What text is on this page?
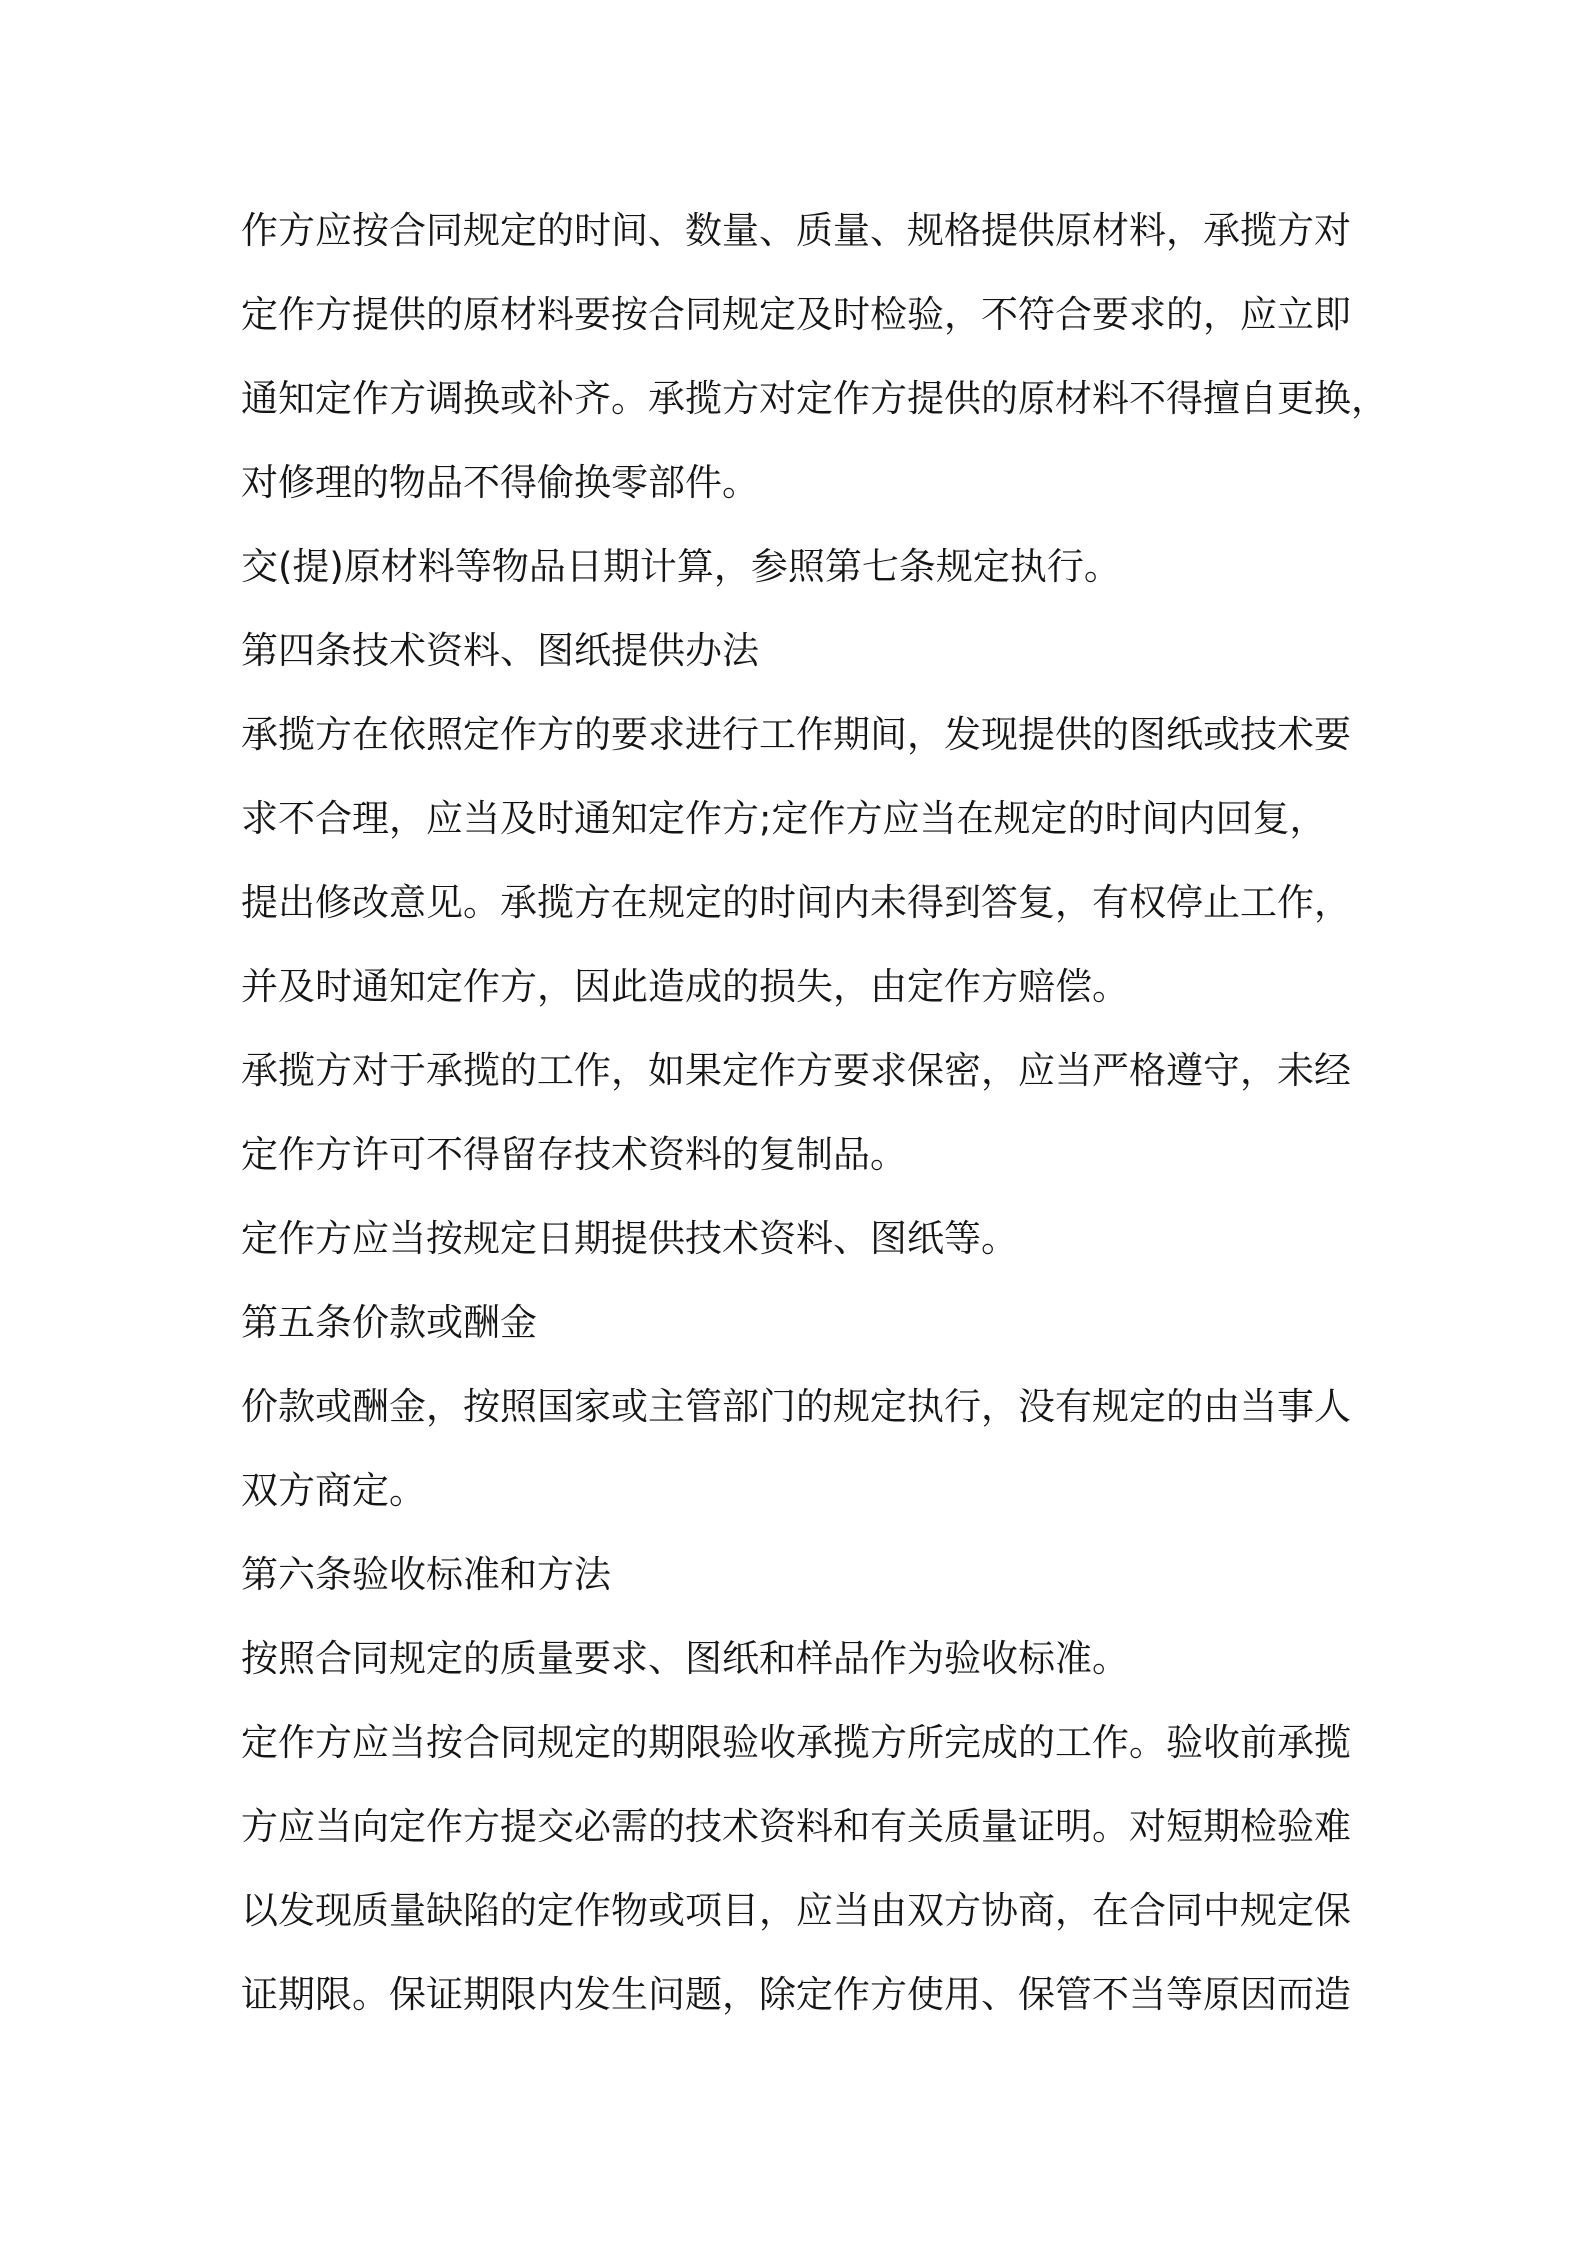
作方应按合同规定的时间、数量、质量、规格提供原材料，承揽方对
定作方提供的原材料要按合同规定及时检验，不符合要求的，应立即
通知定作方调换或补齐。承揽方对定作方提供的原材料不得擅自更换，
对修理的物品不得偷换零部件。
交(提)原材料等物品日期计算，参照第七条规定执行。
第四条技术资料、图纸提供办法
承揽方在依照定作方的要求进行工作期间，发现提供的图纸或技术要
求不合理，应当及时通知定作方;定作方应当在规定的时间内回复，
提出修改意见。承揽方在规定的时间内未得到答复，有权停止工作，
并及时通知定作方，因此造成的损失，由定作方赔偿。
承揽方对于承揽的工作，如果定作方要求保密，应当严格遵守，未经
定作方许可不得留存技术资料的复制品。
定作方应当按规定日期提供技术资料、图纸等。
第五条价款或酬金
价款或酬金，按照国家或主管部门的规定执行，没有规定的由当事人
双方商定。
第六条验收标准和方法
按照合同规定的质量要求、图纸和样品作为验收标准。
定作方应当按合同规定的期限验收承揽方所完成的工作。验收前承揽
方应当向定作方提交必需的技术资料和有关质量证明。对短期检验难
以发现质量缺陷的定作物或项目，应当由双方协商，在合同中规定保
证期限。保证期限内发生问题，除定作方使用、保管不当等原因而造
